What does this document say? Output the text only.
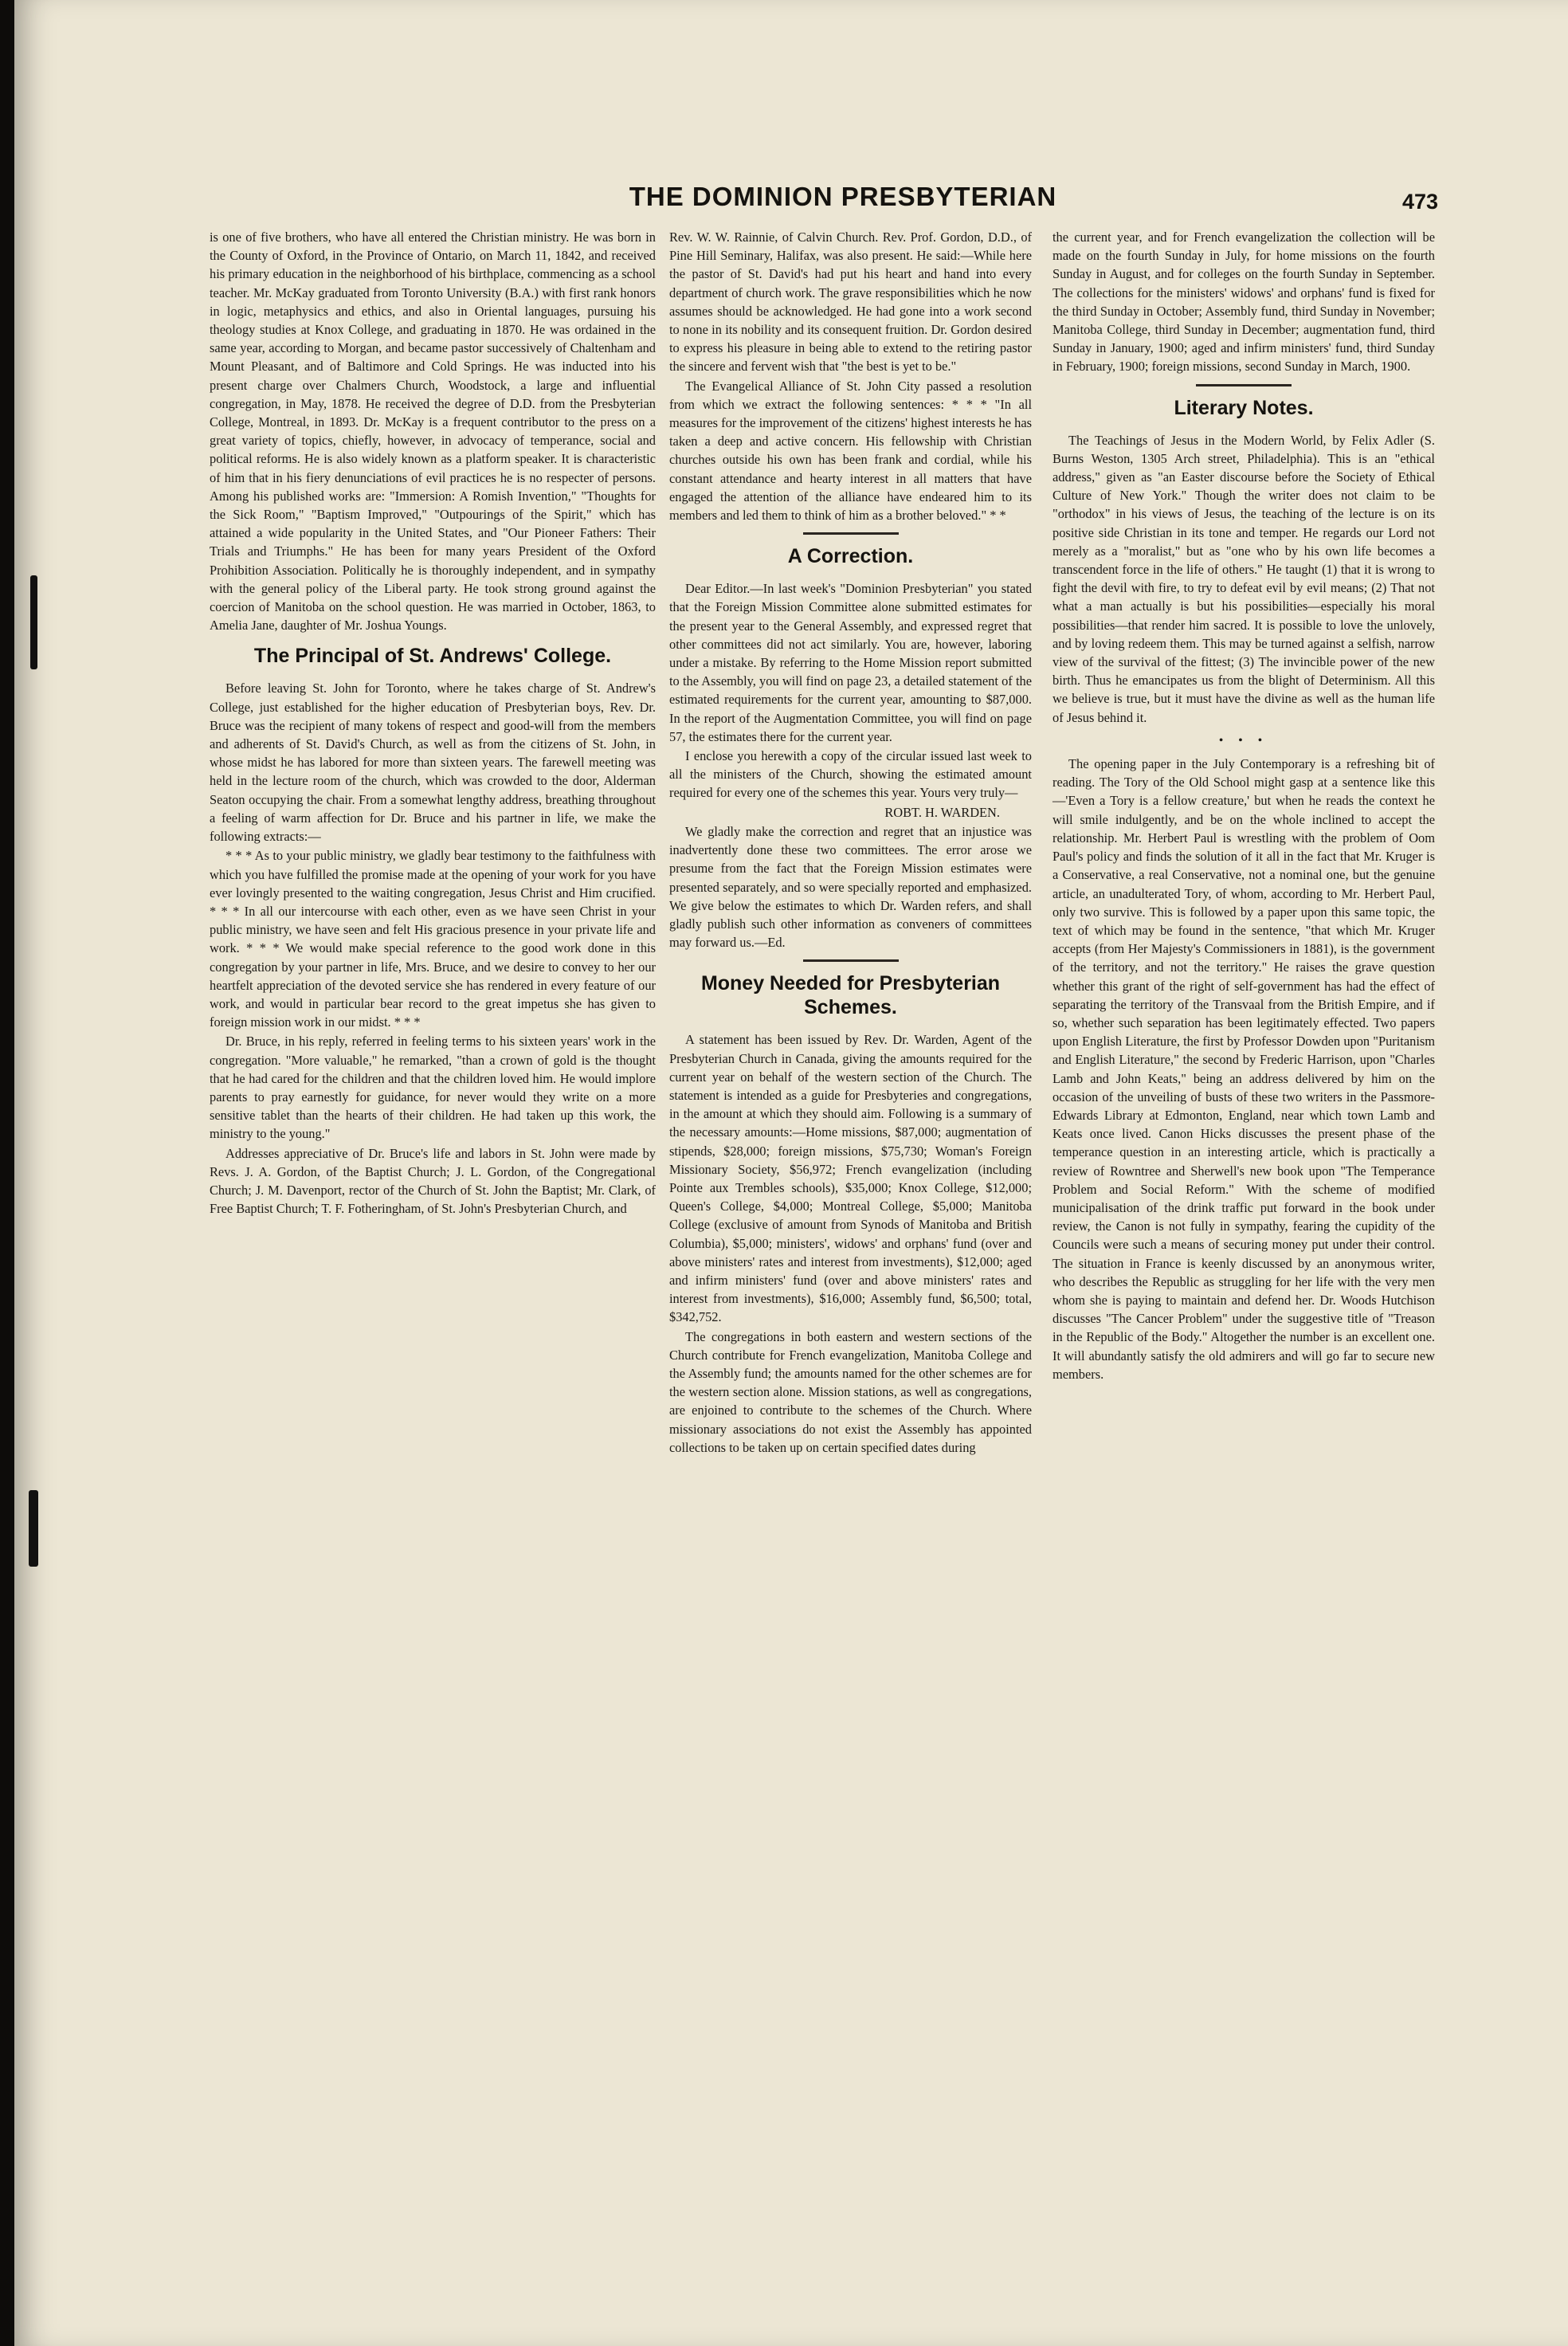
THE DOMINION PRESBYTERIAN	473

is one of five brothers, who have all entered the Christian ministry. He was born in the County of Oxford, in the Province of Ontario, on March 11, 1842, and received his primary education in the neighborhood of his birthplace, commencing as a school teacher. Mr. McKay graduated from Toronto University (B.A.) with first rank honors in logic, metaphysics and ethics, and also in Oriental languages, pursuing his theology studies at Knox College, and graduating in 1870. He was ordained in the same year, according to Morgan, and became pastor successively of Chaltenham and Mount Pleasant, and of Baltimore and Cold Springs. He was inducted into his present charge over Chalmers Church, Woodstock, a large and influential congregation, in May, 1878. He received the degree of D.D. from the Presbyterian College, Montreal, in 1893. Dr. McKay is a frequent contributor to the press on a great variety of topics, chiefly, however, in advocacy of temperance, social and political reforms. He is also widely known as a platform speaker. It is characteristic of him that in his fiery denunciations of evil practices he is no respecter of persons. Among his published works are: "Immersion: A Romish Invention," "Thoughts for the Sick Room," "Baptism Improved," "Outpourings of the Spirit," which has attained a wide popularity in the United States, and "Our Pioneer Fathers: Their Trials and Triumphs." He has been for many years President of the Oxford Prohibition Association. Politically he is thoroughly independent, and in sympathy with the general policy of the Liberal party. He took strong ground against the coercion of Manitoba on the school question. He was married in October, 1863, to Amelia Jane, daughter of Mr. Joshua Youngs.

The Principal of St. Andrews' College.

Before leaving St. John for Toronto, where he takes charge of St. Andrew's College, just established for the higher education of Presbyterian boys, Rev. Dr. Bruce was the recipient of many tokens of respect and good-will from the members and adherents of St. David's Church, as well as from the citizens of St. John, in whose midst he has labored for more than sixteen years. The farewell meeting was held in the lecture room of the church, which was crowded to the door, Alderman Seaton occupying the chair. From a somewhat lengthy address, breathing throughout a feeling of warm affection for Dr. Bruce and his partner in life, we make the following extracts:—

* * * As to your public ministry, we gladly bear testimony to the faithfulness with which you have fulfilled the promise made at the opening of your work for you have ever lovingly presented to the waiting congregation, Jesus Christ and Him crucified. * * * In all our intercourse with each other, even as we have seen Christ in your public ministry, we have seen and felt His gracious presence in your private life and work. * * * We would make special reference to the good work done in this congregation by your partner in life, Mrs. Bruce, and we desire to convey to her our heartfelt appreciation of the devoted service she has rendered in every feature of our work, and would in particular bear record to the great impetus she has given to foreign mission work in our midst. * * *

Dr. Bruce, in his reply, referred in feeling terms to his sixteen years' work in the congregation. "More valuable," he remarked, "than a crown of gold is the thought that he had cared for the children and that the children loved him. He would implore parents to pray earnestly for guidance, for never would they write on a more sensitive tablet than the hearts of their children. He had taken up this work, the ministry to the young."

Addresses appreciative of Dr. Bruce's life and labors in St. John were made by Revs. J. A. Gordon, of the Baptist Church; J. L. Gordon, of the Congregational Church; J. M. Davenport, rector of the Church of St. John the Baptist; Mr. Clark, of Free Baptist Church; T. F. Fotheringham, of St. John's Presbyterian Church, and

Rev. W. W. Rainnie, of Calvin Church. Rev. Prof. Gordon, D.D., of Pine Hill Seminary, Halifax, was also present. He said:—While here the pastor of St. David's had put his heart and hand into every department of church work. The grave responsibilities which he now assumes should be acknowledged. He had gone into a work second to none in its nobility and its consequent fruition. Dr. Gordon desired to express his pleasure in being able to extend to the retiring pastor the sincere and fervent wish that "the best is yet to be."

The Evangelical Alliance of St. John City passed a resolution from which we extract the following sentences: * * * "In all measures for the improvement of the citizens' highest interests he has taken a deep and active concern. His fellowship with Christian churches outside his own has been frank and cordial, while his constant attendance and hearty interest in all matters that have engaged the attention of the alliance have endeared him to its members and led them to think of him as a brother beloved." * *

A Correction.

Dear Editor.—In last week's "Dominion Presbyterian" you stated that the Foreign Mission Committee alone submitted estimates for the present year to the General Assembly, and expressed regret that other committees did not act similarly. You are, however, laboring under a mistake. By referring to the Home Mission report submitted to the Assembly, you will find on page 23, a detailed statement of the estimated requirements for the current year, amounting to $87,000. In the report of the Augmentation Committee, you will find on page 57, the estimates there for the current year.

I enclose you herewith a copy of the circular issued last week to all the ministers of the Church, showing the estimated amount required for every one of the schemes this year. Yours very truly—

ROBT. H. WARDEN.

We gladly make the correction and regret that an injustice was inadvertently done these two committees. The error arose we presume from the fact that the Foreign Mission estimates were presented separately, and so were specially reported and emphasized. We give below the estimates to which Dr. Warden refers, and shall gladly publish such other information as conveners of committees may forward us.—Ed.

Money Needed for Presbyterian Schemes.

A statement has been issued by Rev. Dr. Warden, Agent of the Presbyterian Church in Canada, giving the amounts required for the current year on behalf of the western section of the Church. The statement is intended as a guide for Presbyteries and congregations, in the amount at which they should aim. Following is a summary of the necessary amounts:—Home missions, $87,000; augmentation of stipends, $28,000; foreign missions, $75,730; Woman's Foreign Missionary Society, $56,972; French evangelization (including Pointe aux Trembles schools), $35,000; Knox College, $12,000; Queen's College, $4,000; Montreal College, $5,000; Manitoba College (exclusive of amount from Synods of Manitoba and British Columbia), $5,000; ministers', widows' and orphans' fund (over and above ministers' rates and interest from investments), $12,000; aged and infirm ministers' fund (over and above ministers' rates and interest from investments), $16,000; Assembly fund, $6,500; total, $342,752.

The congregations in both eastern and western sections of the Church contribute for French evangelization, Manitoba College and the Assembly fund; the amounts named for the other schemes are for the western section alone. Mission stations, as well as congregations, are enjoined to contribute to the schemes of the Church. Where missionary associations do not exist the Assembly has appointed collections to be taken up on certain specified dates during

the current year, and for French evangelization the collection will be made on the fourth Sunday in July, for home missions on the fourth Sunday in August, and for colleges on the fourth Sunday in September. The collections for the ministers' widows' and orphans' fund is fixed for the third Sunday in October; Assembly fund, third Sunday in November; Manitoba College, third Sunday in December; augmentation fund, third Sunday in January, 1900; aged and infirm ministers' fund, third Sunday in February, 1900; foreign missions, second Sunday in March, 1900.

Literary Notes.

The Teachings of Jesus in the Modern World, by Felix Adler (S. Burns Weston, 1305 Arch street, Philadelphia). This is an "ethical address," given as "an Easter discourse before the Society of Ethical Culture of New York." Though the writer does not claim to be "orthodox" in his views of Jesus, the teaching of the lecture is on its positive side Christian in its tone and temper. He regards our Lord not merely as a "moralist," but as "one who by his own life becomes a transcendent force in the life of others." He taught (1) that it is wrong to fight the devil with fire, to try to defeat evil by evil means; (2) That not what a man actually is but his possibilities—especially his moral possibilities—that render him sacred. It is possible to love the unlovely, and by loving redeem them. This may be turned against a selfish, narrow view of the survival of the fittest; (3) The invincible power of the new birth. Thus he emancipates us from the blight of Determinism. All this we believe is true, but it must have the divine as well as the human life of Jesus behind it.

• • •

The opening paper in the July Contemporary is a refreshing bit of reading. The Tory of the Old School might gasp at a sentence like this—'Even a Tory is a fellow creature,' but when he reads the context he will smile indulgently, and be on the whole inclined to accept the relationship. Mr. Herbert Paul is wrestling with the problem of Oom Paul's policy and finds the solution of it all in the fact that Mr. Kruger is a Conservative, a real Conservative, not a nominal one, but the genuine article, an unadulterated Tory, of whom, according to Mr. Herbert Paul, only two survive. This is followed by a paper upon this same topic, the text of which may be found in the sentence, "that which Mr. Kruger accepts (from Her Majesty's Commissioners in 1881), is the government of the territory, and not the territory." He raises the grave question whether this grant of the right of self-government has had the effect of separating the territory of the Transvaal from the British Empire, and if so, whether such separation has been legitimately effected. Two papers upon English Literature, the first by Professor Dowden upon "Puritanism and English Literature," the second by Frederic Harrison, upon "Charles Lamb and John Keats," being an address delivered by him on the occasion of the unveiling of busts of these two writers in the Passmore-Edwards Library at Edmonton, England, near which town Lamb and Keats once lived. Canon Hicks discusses the present phase of the temperance question in an interesting article, which is practically a review of Rowntree and Sherwell's new book upon "The Temperance Problem and Social Reform." With the scheme of modified municipalisation of the drink traffic put forward in the book under review, the Canon is not fully in sympathy, fearing the cupidity of the Councils were such a means of securing money put under their control. The situation in France is keenly discussed by an anonymous writer, who describes the Republic as struggling for her life with the very men whom she is paying to maintain and defend her. Dr. Woods Hutchison discusses "The Cancer Problem" under the suggestive title of "Treason in the Republic of the Body." Altogether the number is an excellent one. It will abundantly satisfy the old admirers and will go far to secure new members.
